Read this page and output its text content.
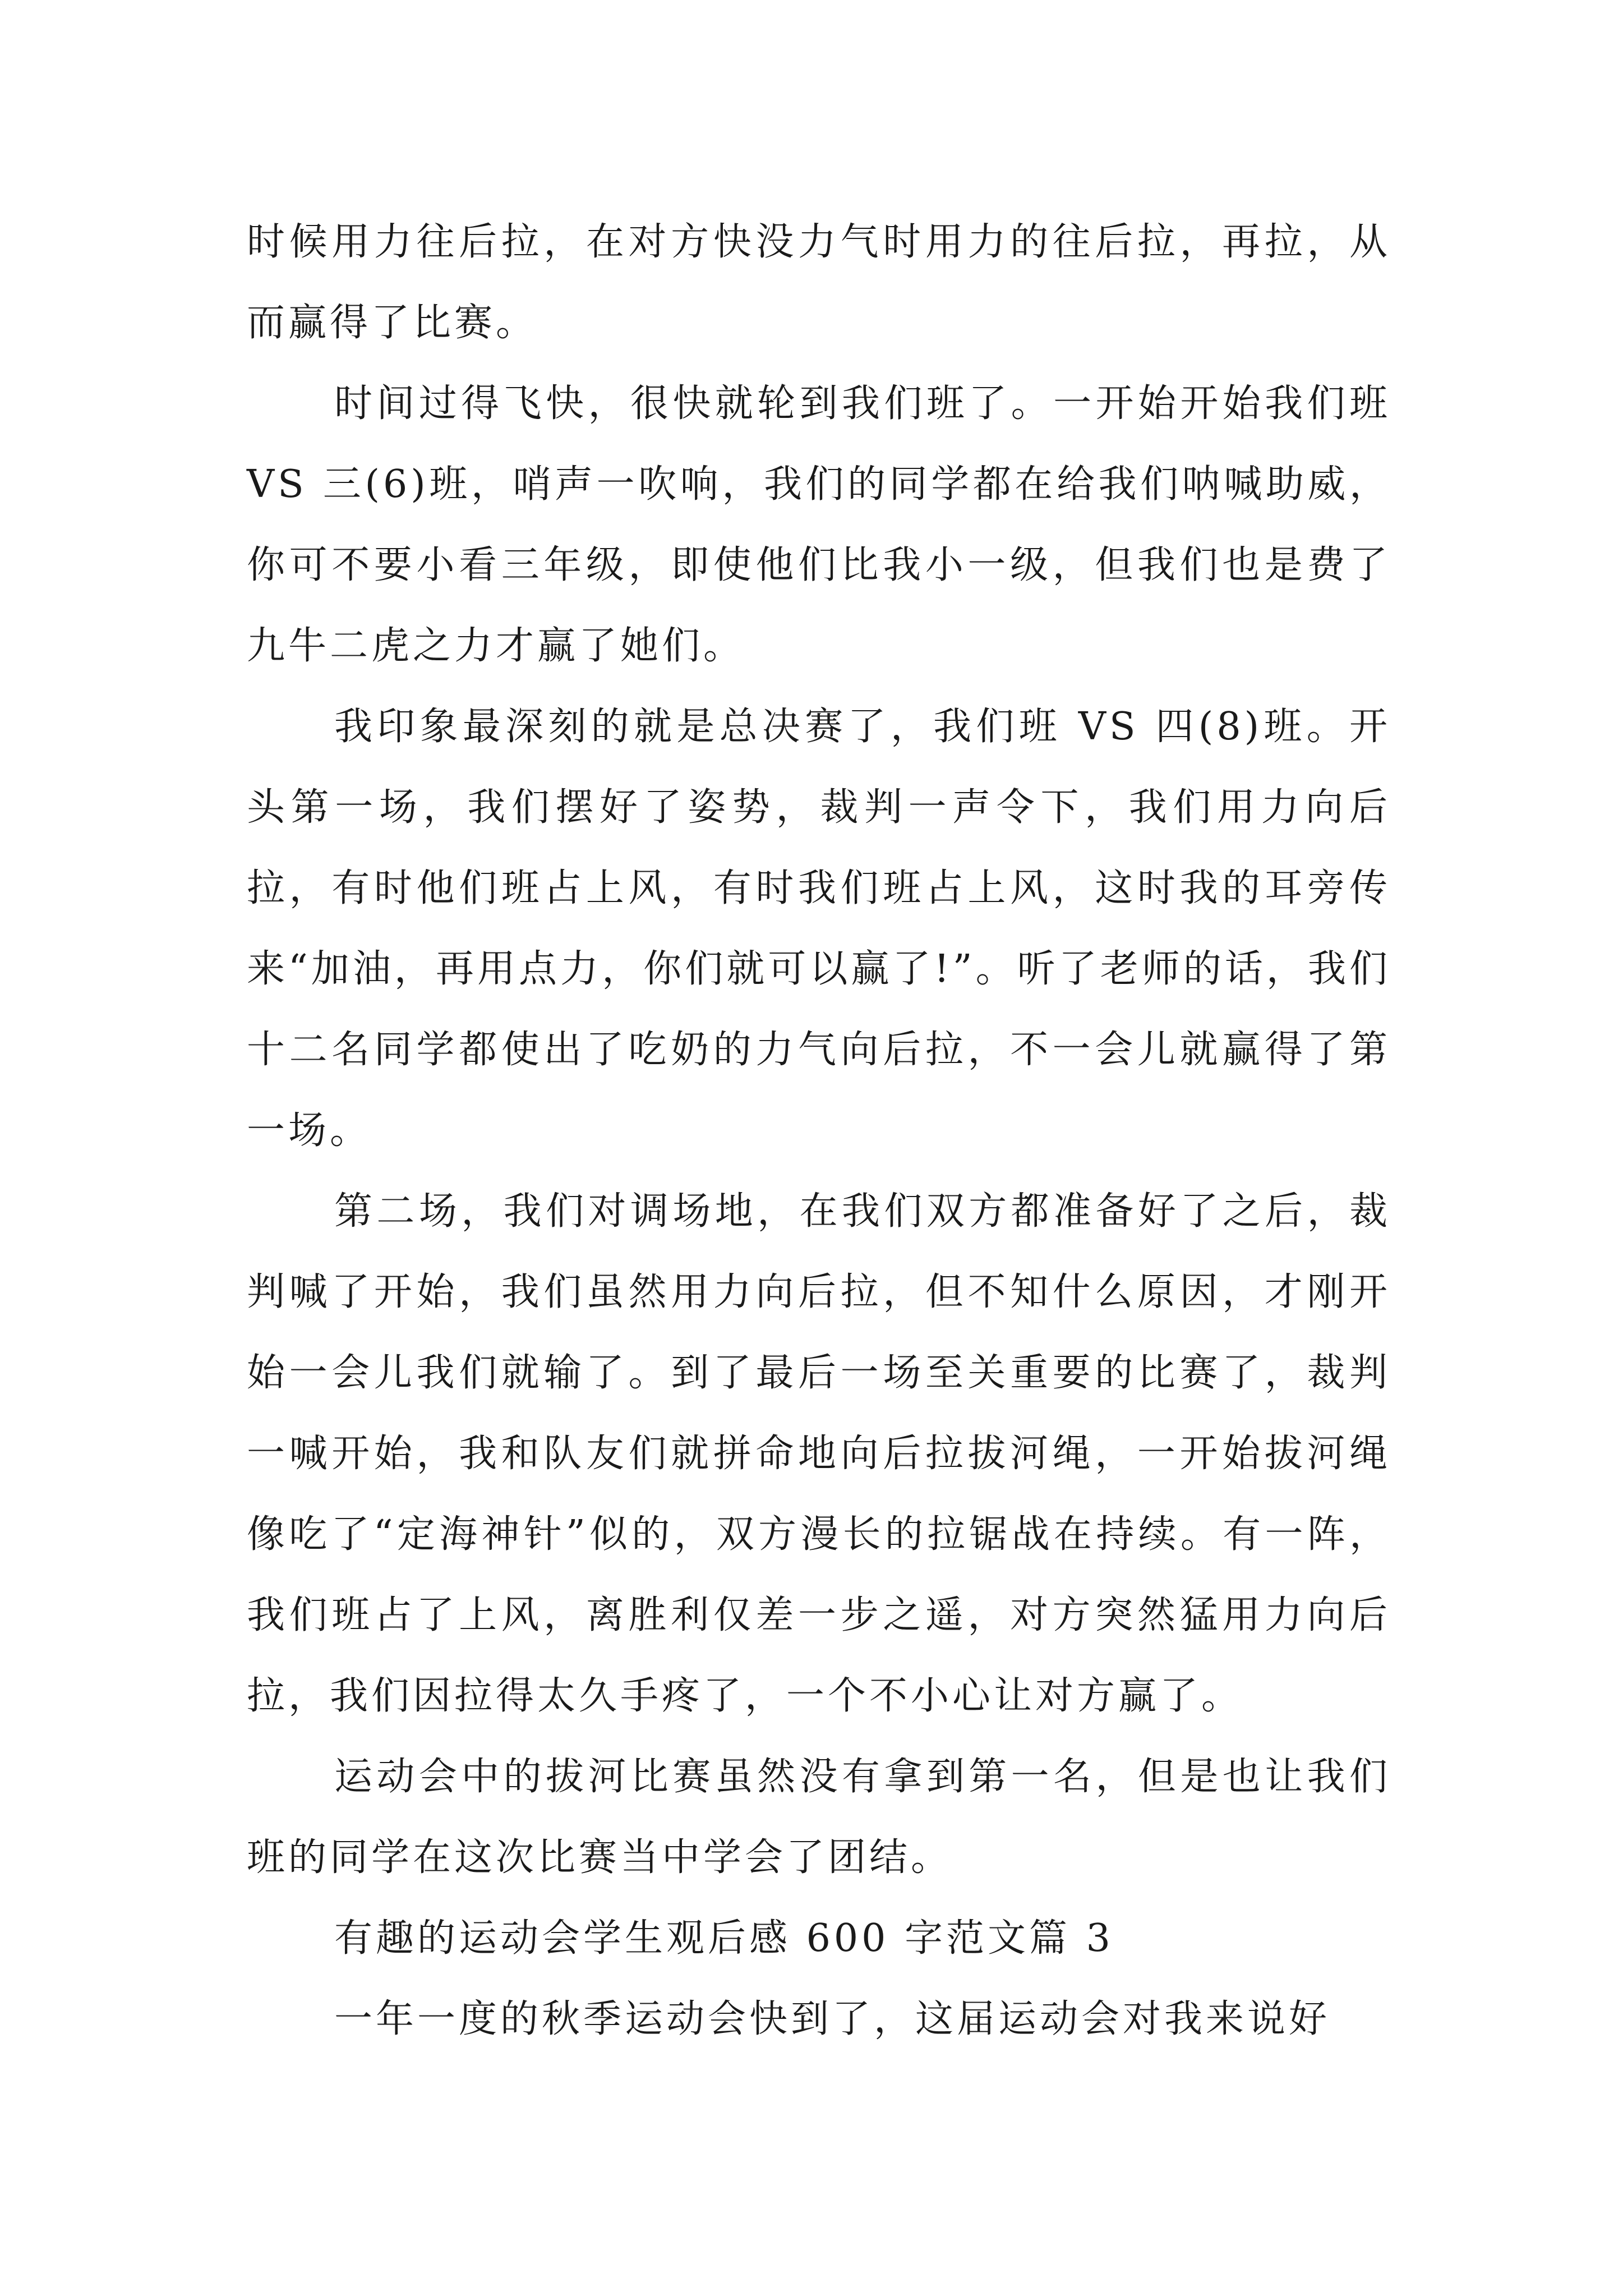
时候用力往后拉，在对方快没力气时用力的往后拉，再拉，从而赢得了比赛。

时间过得飞快，很快就轮到我们班了。一开始开始我们班 VS 三(6)班，哨声一吹响，我们的同学都在给我们呐喊助威，你可不要小看三年级，即使他们比我小一级，但我们也是费了九牛二虎之力才赢了她们。

我印象最深刻的就是总决赛了，我们班 VS 四(8)班。开头第一场，我们摆好了姿势，裁判一声令下，我们用力向后拉，有时他们班占上风，有时我们班占上风，这时我的耳旁传来“加油，再用点力，你们就可以赢了!”。听了老师的话，我们十二名同学都使出了吃奶的力气向后拉，不一会儿就赢得了第一场。

第二场，我们对调场地，在我们双方都准备好了之后，裁判喊了开始，我们虽然用力向后拉，但不知什么原因，才刚开始一会儿我们就输了。到了最后一场至关重要的比赛了，裁判一喊开始，我和队友们就拼命地向后拉拔河绳，一开始拔河绳像吃了“定海神针”似的，双方漫长的拉锯战在持续。有一阵，我们班占了上风，离胜利仅差一步之遥，对方突然猛用力向后拉，我们因拉得太久手疼了，一个不小心让对方赢了。

运动会中的拔河比赛虽然没有拿到第一名，但是也让我们班的同学在这次比赛当中学会了团结。

有趣的运动会学生观后感 600 字范文篇 3

一年一度的秋季运动会快到了，这届运动会对我来说好
